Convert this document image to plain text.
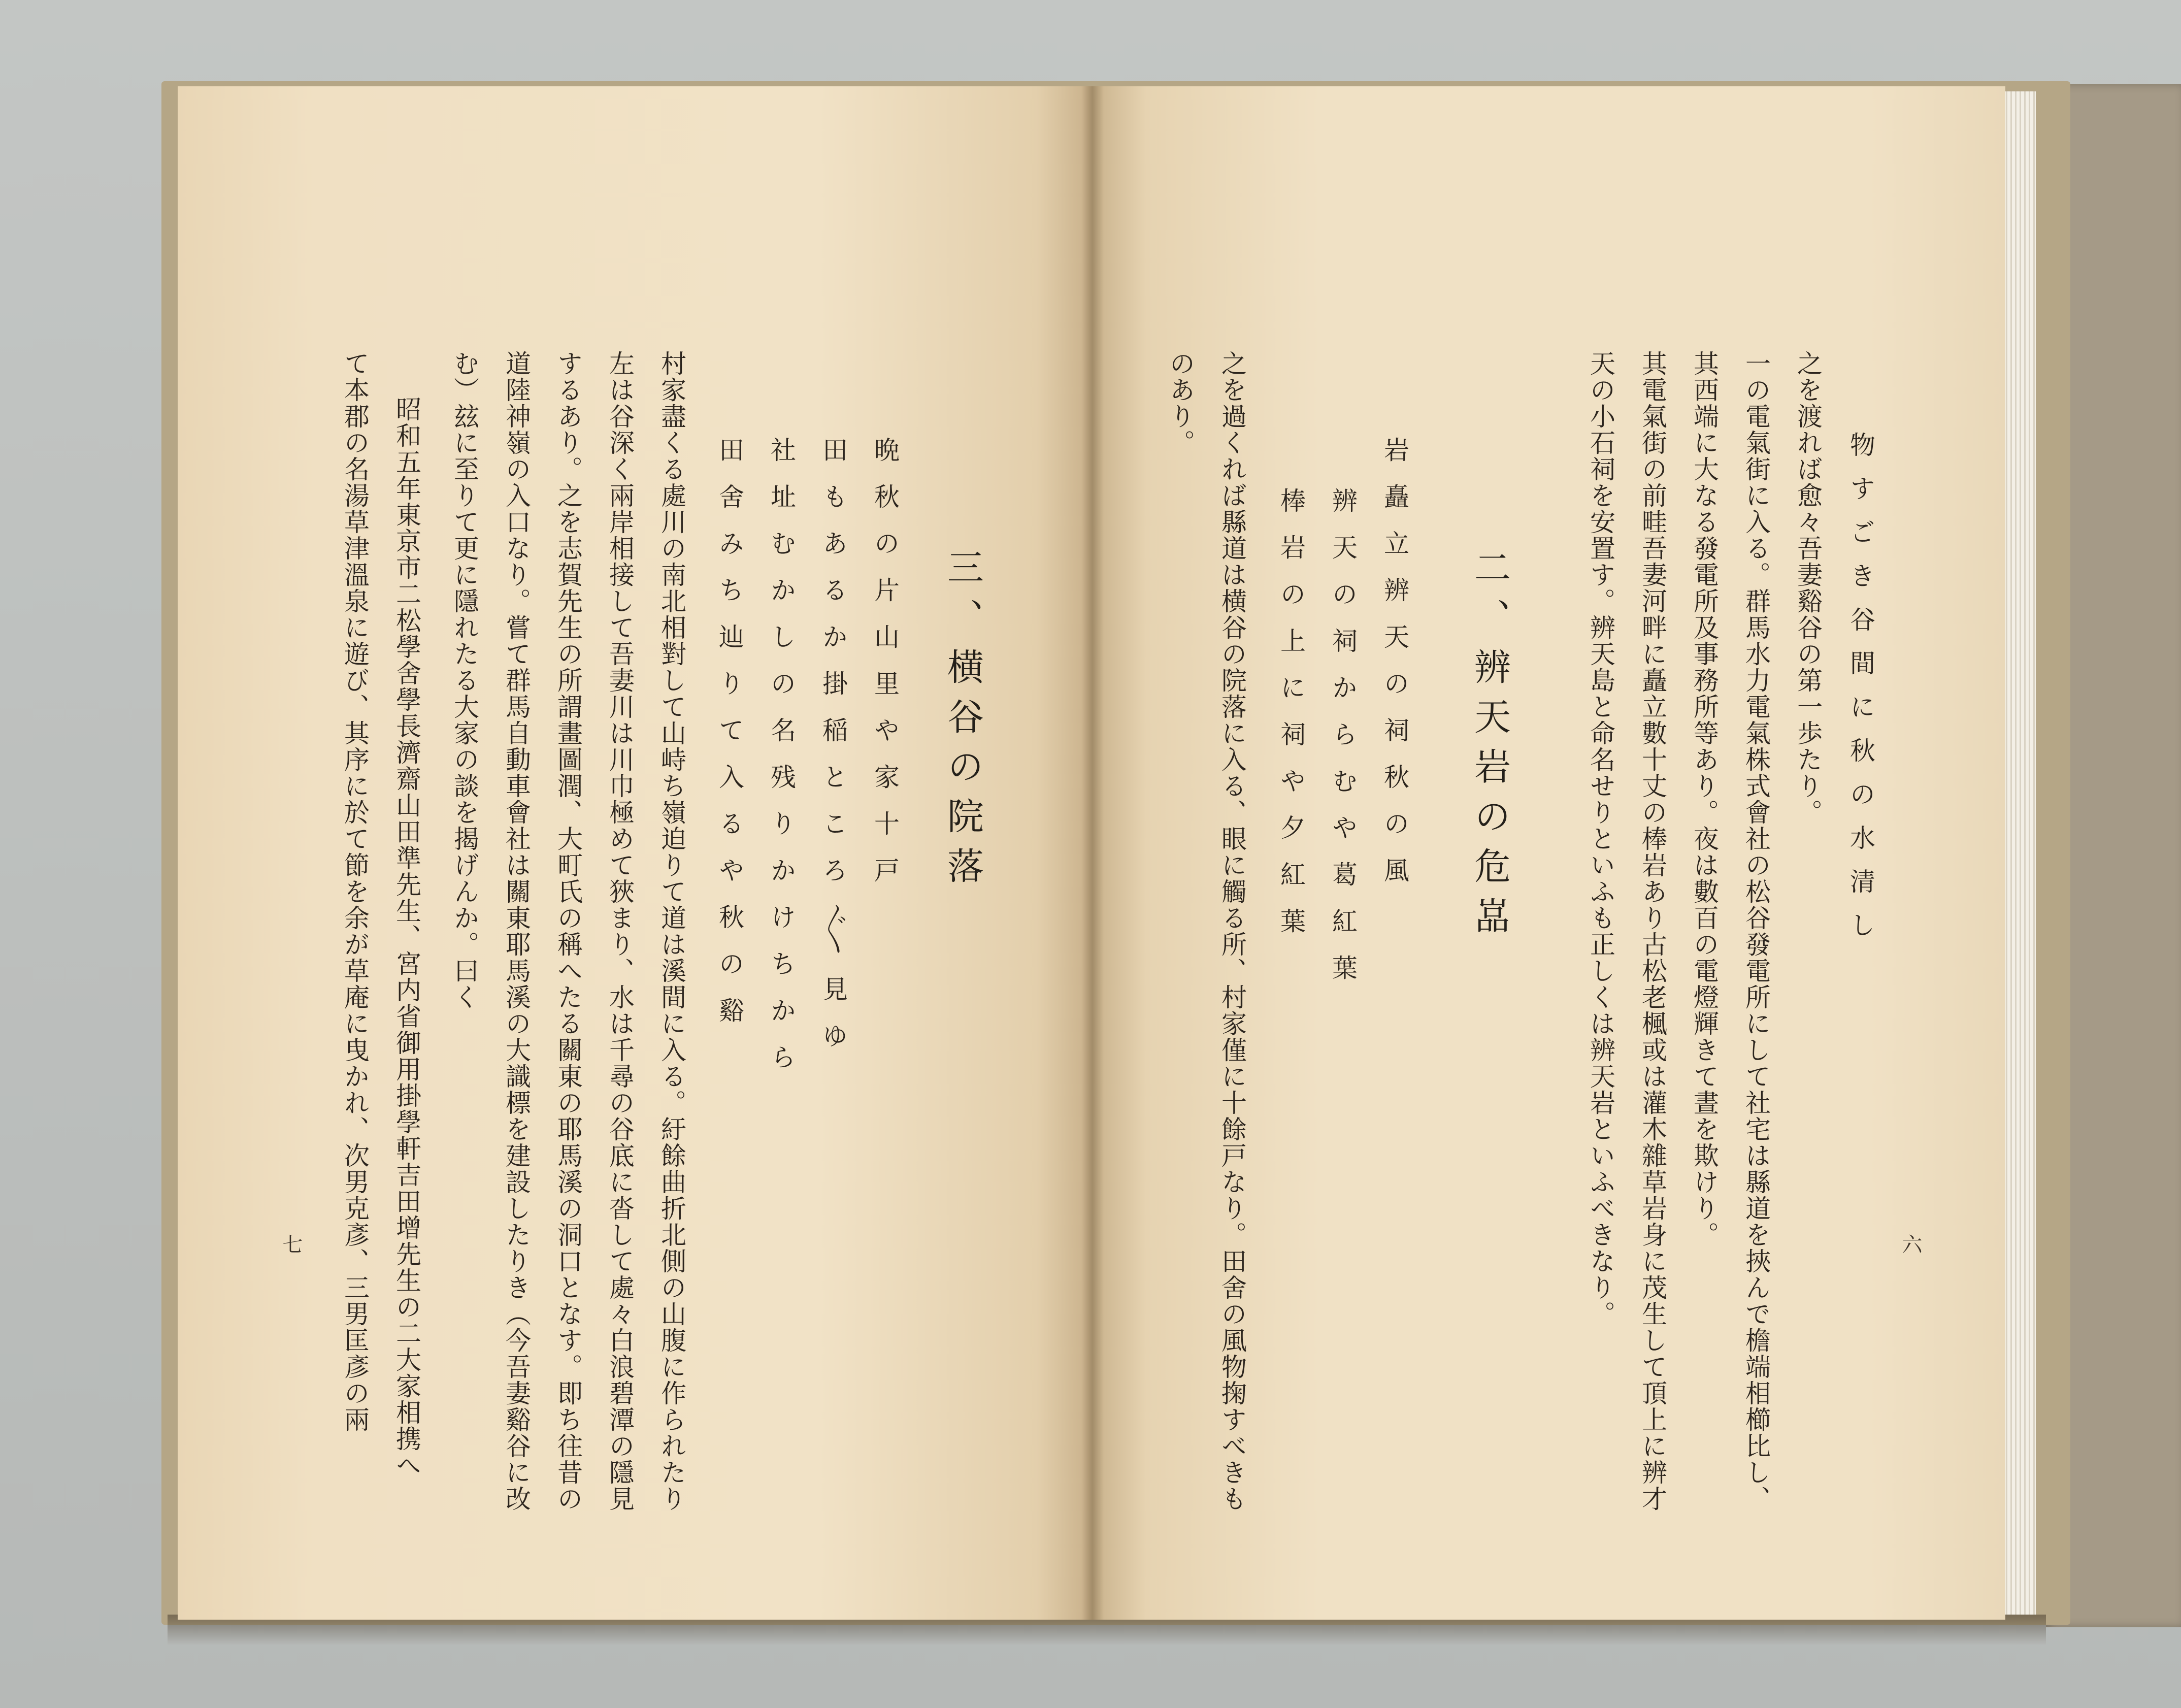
六
物すごき谷間に秋の水清し
之を渡れば愈々吾妻谿谷の第一歩たり。
一の電氣街に入る。群馬水力電氣株式會社の松谷發電所にして社宅は縣道を挾んで檐端相櫛比し、
其西端に大なる發電所及事務所等あり。夜は數百の電燈輝きて晝を欺けり。
其電氣街の前畦吾妻河畔に矗立數十丈の棒岩あり古松老楓或は灌木雜草岩身に茂生して頂上に辨才
天の小石祠を安置す。辨天島と命名せりといふも正しくは辨天岩といふべきなり。
二、辨天岩の危嵓
岩矗立辨天の祠秋の風
辨天の祠からむや葛紅葉
棒岩の上に祠や夕紅葉
之を過くれば縣道は横谷の院落に入る、眼に觸る所、村家僅に十餘戸なり。田舍の風物掬すべきも
のあり。
七
三、横谷の院落
晩秋の片山里や家十戸
田もあるか掛稲ところ〴〵見ゆ
社址むかしの名残りかけちから
田舍みち辿りて入るや秋の谿
村家盡くる處川の南北相對して山峙ち嶺迫りて道は溪間に入る。紆餘曲折北側の山腹に作られたり
左は谷深く兩岸相接して吾妻川は川巾極めて狹まり、水は千尋の谷底に沓して處々白浪碧潭の隱見
するあり。之を志賀先生の所謂畫圖潤、大町氏の稱へたる關東の耶馬溪の洞口となす。即ち往昔の
道陸神嶺の入口なり。嘗て群馬自動車會社は關東耶馬溪の大識標を建設したりき（今吾妻谿谷に改
む）玆に至りて更に隱れたる大家の談を揭げんか。曰く
昭和五年東京市二松學舍學長濟齋山田準先生、宮内省御用掛學軒吉田增先生の二大家相携へ
て本郡の名湯草津溫泉に遊び、其序に於て節を余が草庵に曳かれ、次男克彥、三男匡彥の兩
